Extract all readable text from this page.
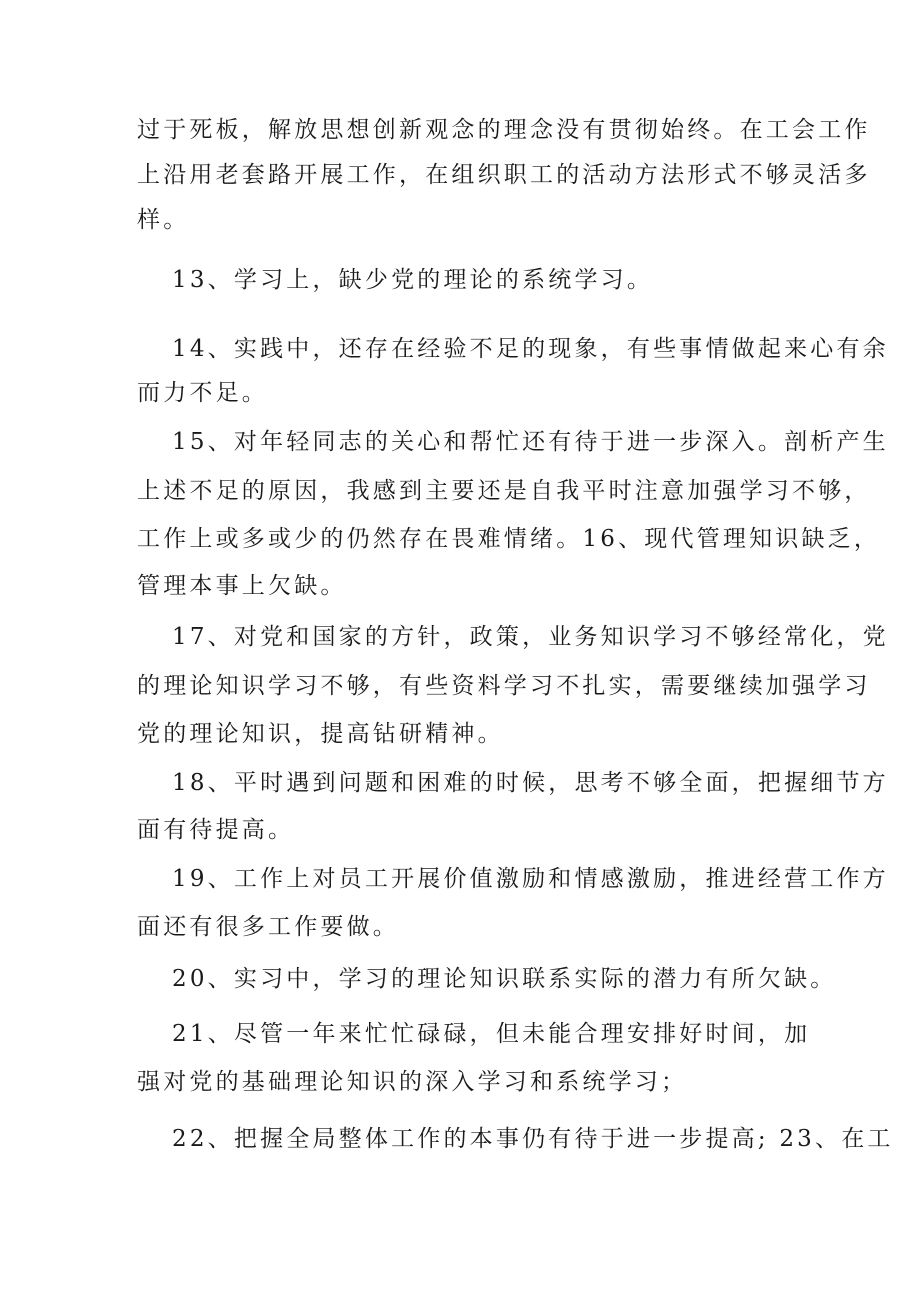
过于死板，解放思想创新观念的理念没有贯彻始终。在工会工作
上沿用老套路开展工作，在组织职工的活动方法形式不够灵活多
样。
13、学习上，缺少党的理论的系统学习。
14、实践中，还存在经验不足的现象，有些事情做起来心有余
而力不足。
15、对年轻同志的关心和帮忙还有待于进一步深入。剖析产生
上述不足的原因，我感到主要还是自我平时注意加强学习不够，
工作上或多或少的仍然存在畏难情绪。16、现代管理知识缺乏，
管理本事上欠缺。
17、对党和国家的方针，政策，业务知识学习不够经常化，党
的理论知识学习不够，有些资料学习不扎实，需要继续加强学习
党的理论知识，提高钻研精神。
18、平时遇到问题和困难的时候，思考不够全面，把握细节方
面有待提高。
19、工作上对员工开展价值激励和情感激励，推进经营工作方
面还有很多工作要做。
20、实习中，学习的理论知识联系实际的潜力有所欠缺。
21、尽管一年来忙忙碌碌，但未能合理安排好时间，加
强对党的基础理论知识的深入学习和系统学习；
22、把握全局整体工作的本事仍有待于进一步提高; 23、在工
